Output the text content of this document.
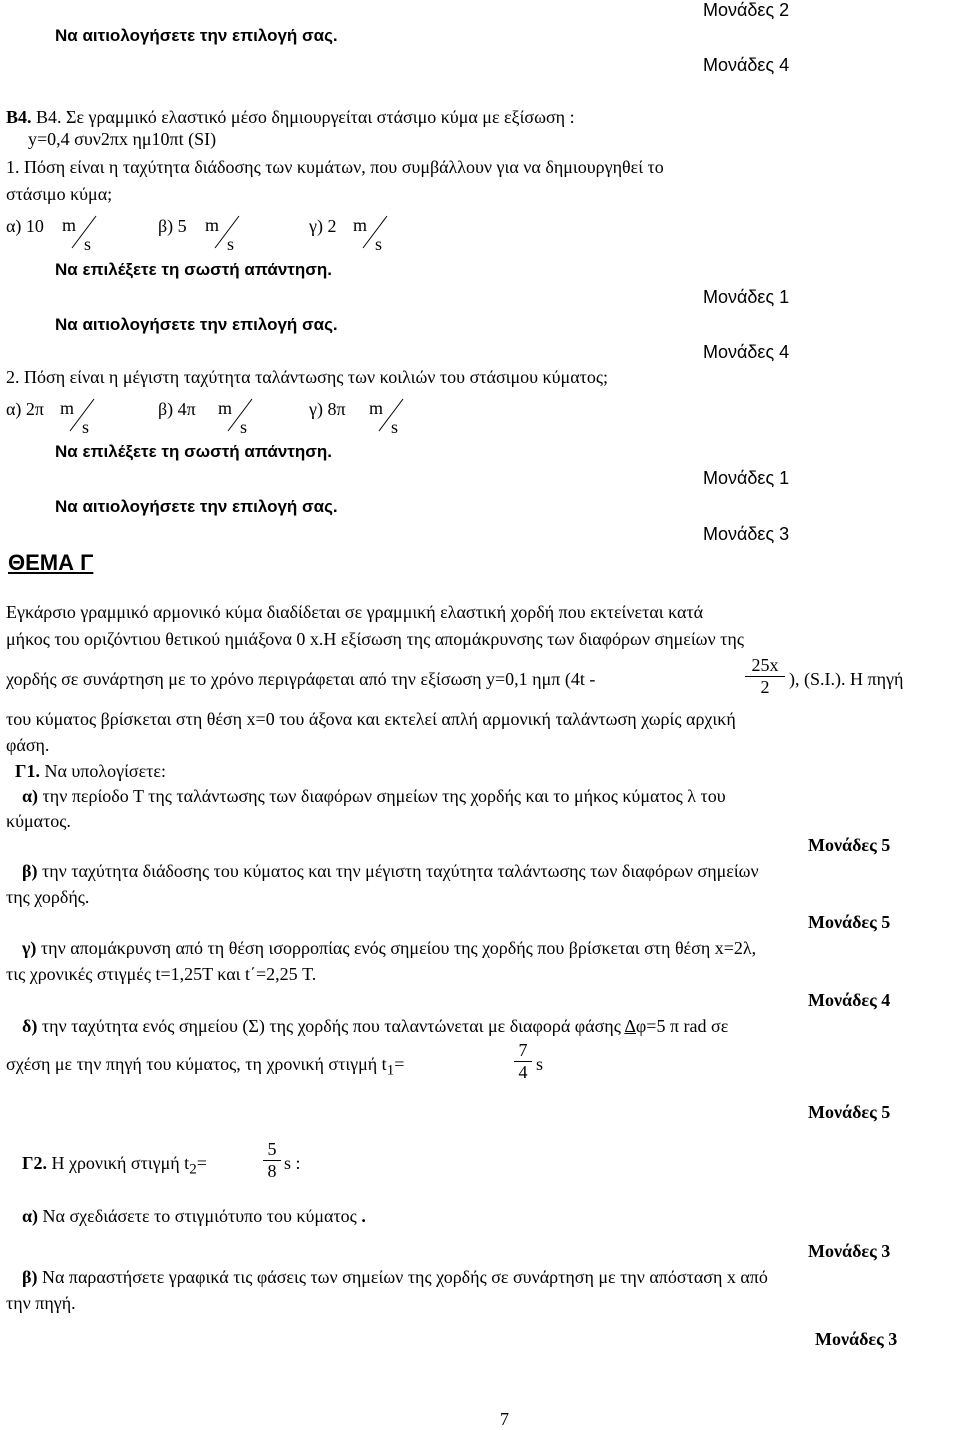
Να αιτιολογήσετε την επιλογή σας.
Μονάδες 2
Μονάδες 4
Β4. Β4. Σε γραμμικό ελαστικό μέσο δημιουργείται στάσιμο κύμα με εξίσωση :
y=0,4 συν2πx ημ10πt (SI)
1. Πόση είναι η ταχύτητα διάδοσης των κυμάτων, που συμβάλλουν για να δημιουργηθεί το
στάσιμο κύμα;
α) 10 m
s
β) 5 m
s
γ) 2 m
s
Να επιλέξετε τη σωστή απάντηση.
Μονάδες 1
Να αιτιολογήσετε την επιλογή σας.
Μονάδες 4
2. Πόση είναι η μέγιστη ταχύτητα ταλάντωσης των κοιλιών του στάσιμου κύματος;
α) 2π m
s
β) 4π m
s
γ) 8π m
s
Να επιλέξετε τη σωστή απάντηση.
Μονάδες 1
Να αιτιολογήσετε την επιλογή σας.
Μονάδες 3
ΘΕΜΑ Γ
Εγκάρσιο γραμμικό αρμονικό κύμα διαδίδεται σε γραμμική ελαστική χορδή που εκτείνεται κατά
μήκος του οριζόντιου θετικού ημιάξονα 0 x.Η εξίσωση της απομάκρυνσης των διαφόρων σημείων της
χορδής σε συνάρτηση με το χρόνο περιγράφεται από την εξίσωση y=0,1 ημπ (4t -	$\frac{25x}{2}$ ), (S.I.). Η πηγή
του κύματος βρίσκεται στη θέση x=0 του άξονα και εκτελεί απλή αρμονική ταλάντωση χωρίς αρχική
φάση.
Γ1. Να υπολογίσετε:
α) την περίοδο Τ της ταλάντωσης των διαφόρων σημείων της χορδής και το μήκος κύματος λ του
κύματος.
Μονάδες 5
β) την ταχύτητα διάδοσης του κύματος και την μέγιστη ταχύτητα ταλάντωσης των διαφόρων σημείων
της χορδής.
Μονάδες 5
γ) την απομάκρυνση από τη θέση ισορροπίας ενός σημείου της χορδής που βρίσκεται στη θέση x=2λ,
τις χρονικές στιγμές t=1,25T και t΄=2,25 T.
Μονάδες 4
δ) την ταχύτητα ενός σημείου (Σ) της χορδής που ταλαντώνεται με διαφορά φάσης Δφ=5 π rad σε
σχέση με την πηγή του κύματος, τη χρονική στιγμή $t_1=$	$\frac{7}{4}$ s
Μονάδες 5
Γ2. Η χρονική στιγμή $t_2=$	$\frac{5}{8}$ s :
α) Να σχεδιάσετε το στιγμιότυπο του κύματος .
Μονάδες 3
β) Να παραστήσετε γραφικά τις φάσεις των σημείων της χορδής σε συνάρτηση με την απόσταση x από
την πηγή.
Μονάδες 3
7
